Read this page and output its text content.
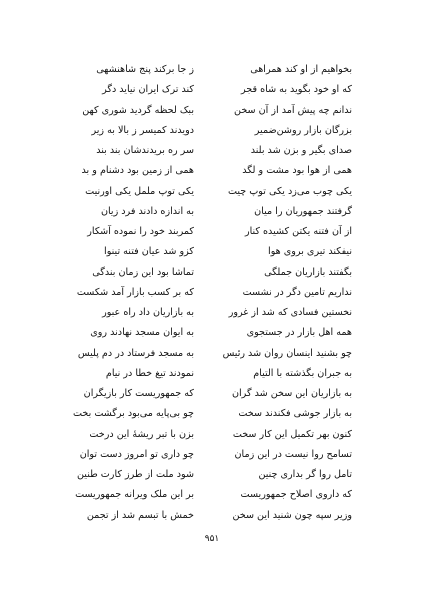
بخواهیم از او کند همراهی
که او خود بگوید به شاه قجر
ندانم چه پیش آمد از آن سخن
بزرگان بازار روشن‌ضمیر
صدای بگیر و بزن شد بلند
همی از هوا بود مشت و لگد
یکی چوب می‌زد یکی توپ چیت
گرفتند جمهوریان را میان
از آن فتنه یکتن کشیده کنار
نیفکند تیری بروی هوا
بگفتند بازاریان جملگی
نداریم تامین دگر در نشست
نخستین فسادی که شد از غرور
همه اهل بازار در جستجوی
چو بشنید اینسان روان شد رئیس
به جبران بگذشته با التیام
به بازاریان این سخن شد گران
به بازار جوشی فکندند سخت
کنون بهر تکمیل این کار سخت
تسامح روا نیست در این زمان
تامل روا گر بداری چنین
که داروی اصلاح جمهوریست
وزیر سپه چون شنید این سخن
ز جا برکند پنج شاهنشهی
کند ترک ایران نیاید دگر
ببک لحظه گردید شوری کهن
دویدند کمیسر ز بالا به زیر
سر ره بریدندشان بند بند
همی از زمین بود دشنام و بد
یکی توپ ململ یکی اورنیت
به اندازه دادند فرد زیان
کمربند خود را نموده آشکار
کزو شد عیان فتنه تینوا
تماشا بود این زمان بندگی
که بر کسب بازار آمد شکست
به بازاریان داد راه عبور
به ایوان مسجد نهادند روی
به مسجد فرستاد در دم پلیس
نمودند تیغ خطا در نیام
که جمهوریست کار بازیگران
چو بی‌پایه می‌بود برگشت بخت
بزن با تبر ریشهٔ این درخت
چو داری تو امروز دست توان
شود ملت از طرز کارت طنین
بر این ملک ویرانه جمهوریست
خمش با تبسم شد از تجمن
۹۵۱
